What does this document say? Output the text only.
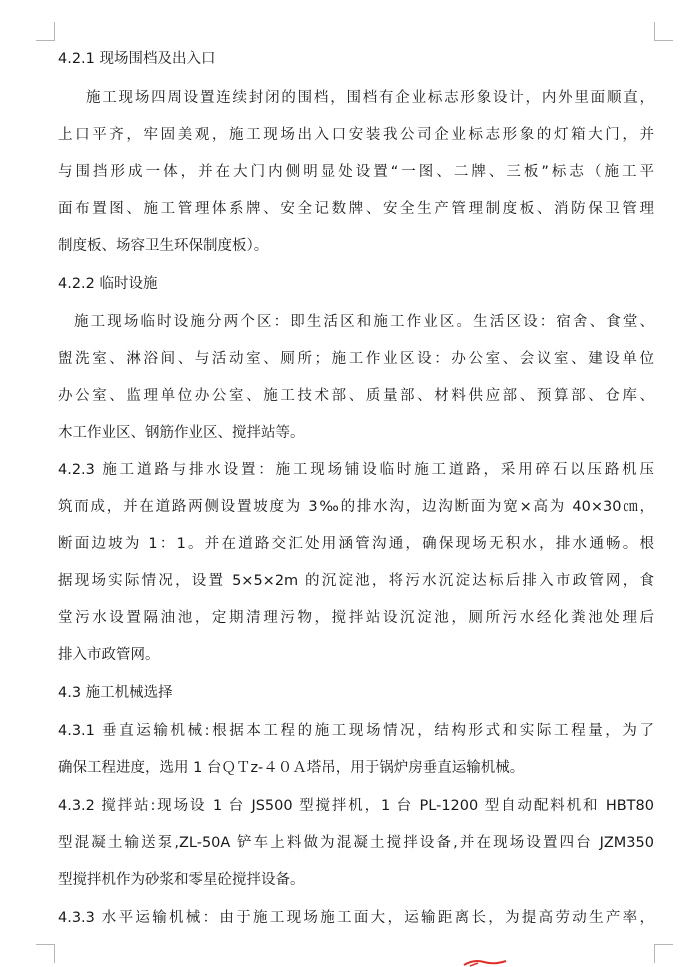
4.2.1 现场围档及出入口
施工现场四周设置连续封闭的围档，围档有企业标志形象设计，内外里面顺直，
上口平齐，牢固美观，施工现场出入口安装我公司企业标志形象的灯箱大门，并
与围挡形成一体，并在大门内侧明显处设置“一图、二牌、三板”标志（施工平
面布置图、施工管理体系牌、安全记数牌、安全生产管理制度板、消防保卫管理
制度板、场容卫生环保制度板）。
4.2.2 临时设施
施工现场临时设施分两个区：即生活区和施工作业区。生活区设：宿舍、食堂、
盥洗室、淋浴间、与活动室、厕所；施工作业区设：办公室、会议室、建设单位
办公室、监理单位办公室、施工技术部、质量部、材料供应部、预算部、仓库、
木工作业区、钢筋作业区、搅拌站等。
4.2.3 施工道路与排水设置：施工现场铺设临时施工道路，采用碎石以压路机压
筑而成，并在道路两侧设置坡度为 3‰的排水沟，边沟断面为宽×高为 40×30㎝，
断面边坡为 1：1。并在道路交汇处用涵管沟通，确保现场无积水，排水通畅。根
据现场实际情况，设置 5×5×2m 的沉淀池，将污水沉淀达标后排入市政管网，食
堂污水设置隔油池，定期清理污物，搅拌站设沉淀池，厕所污水经化粪池处理后
排入市政管网。
4.3 施工机械选择
4.3.1 垂直运输机械:根据本工程的施工现场情况，结构形式和实际工程量，为了
确保工程进度，选用 1 台ＱＴz-４０Ａ塔吊，用于锅炉房垂直运输机械。
4.3.2 搅拌站:现场设 1 台 JS500 型搅拌机，1 台 PL-1200 型自动配料机和 HBT80
型混凝土输送泵,ZL-50A 铲车上料做为混凝土搅拌设备,并在现场设置四台 JZM350
型搅拌机作为砂浆和零星砼搅拌设备。
4.3.3 水平运输机械：由于施工现场施工面大，运输距离长，为提高劳动生产率，
